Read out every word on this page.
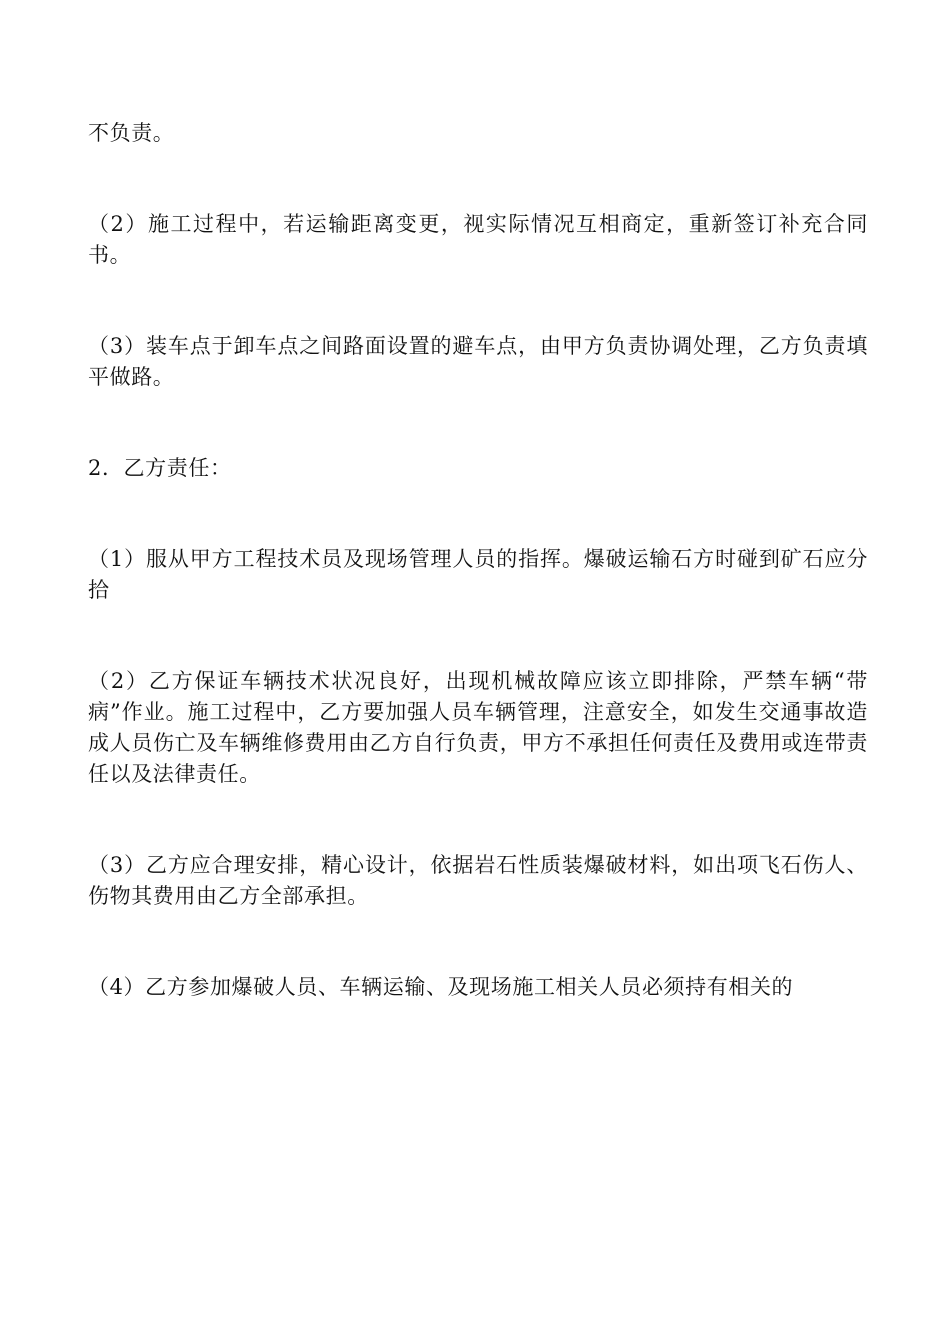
不负责。

（2）施工过程中，若运输距离变更，视实际情况互相商定，重新签订补充合同书。

（3）装车点于卸车点之间路面设置的避车点，由甲方负责协调处理，乙方负责填平做路。

2．乙方责任：

（1）服从甲方工程技术员及现场管理人员的指挥。爆破运输石方时碰到矿石应分拾

（2）乙方保证车辆技术状况良好，出现机械故障应该立即排除，严禁车辆“带病”作业。施工过程中，乙方要加强人员车辆管理，注意安全，如发生交通事故造成人员伤亡及车辆维修费用由乙方自行负责，甲方不承担任何责任及费用或连带责任以及法律责任。

（3）乙方应合理安排，精心设计，依据岩石性质装爆破材料，如出项飞石伤人、伤物其费用由乙方全部承担。

（4）乙方参加爆破人员、车辆运输、及现场施工相关人员必须持有相关的
